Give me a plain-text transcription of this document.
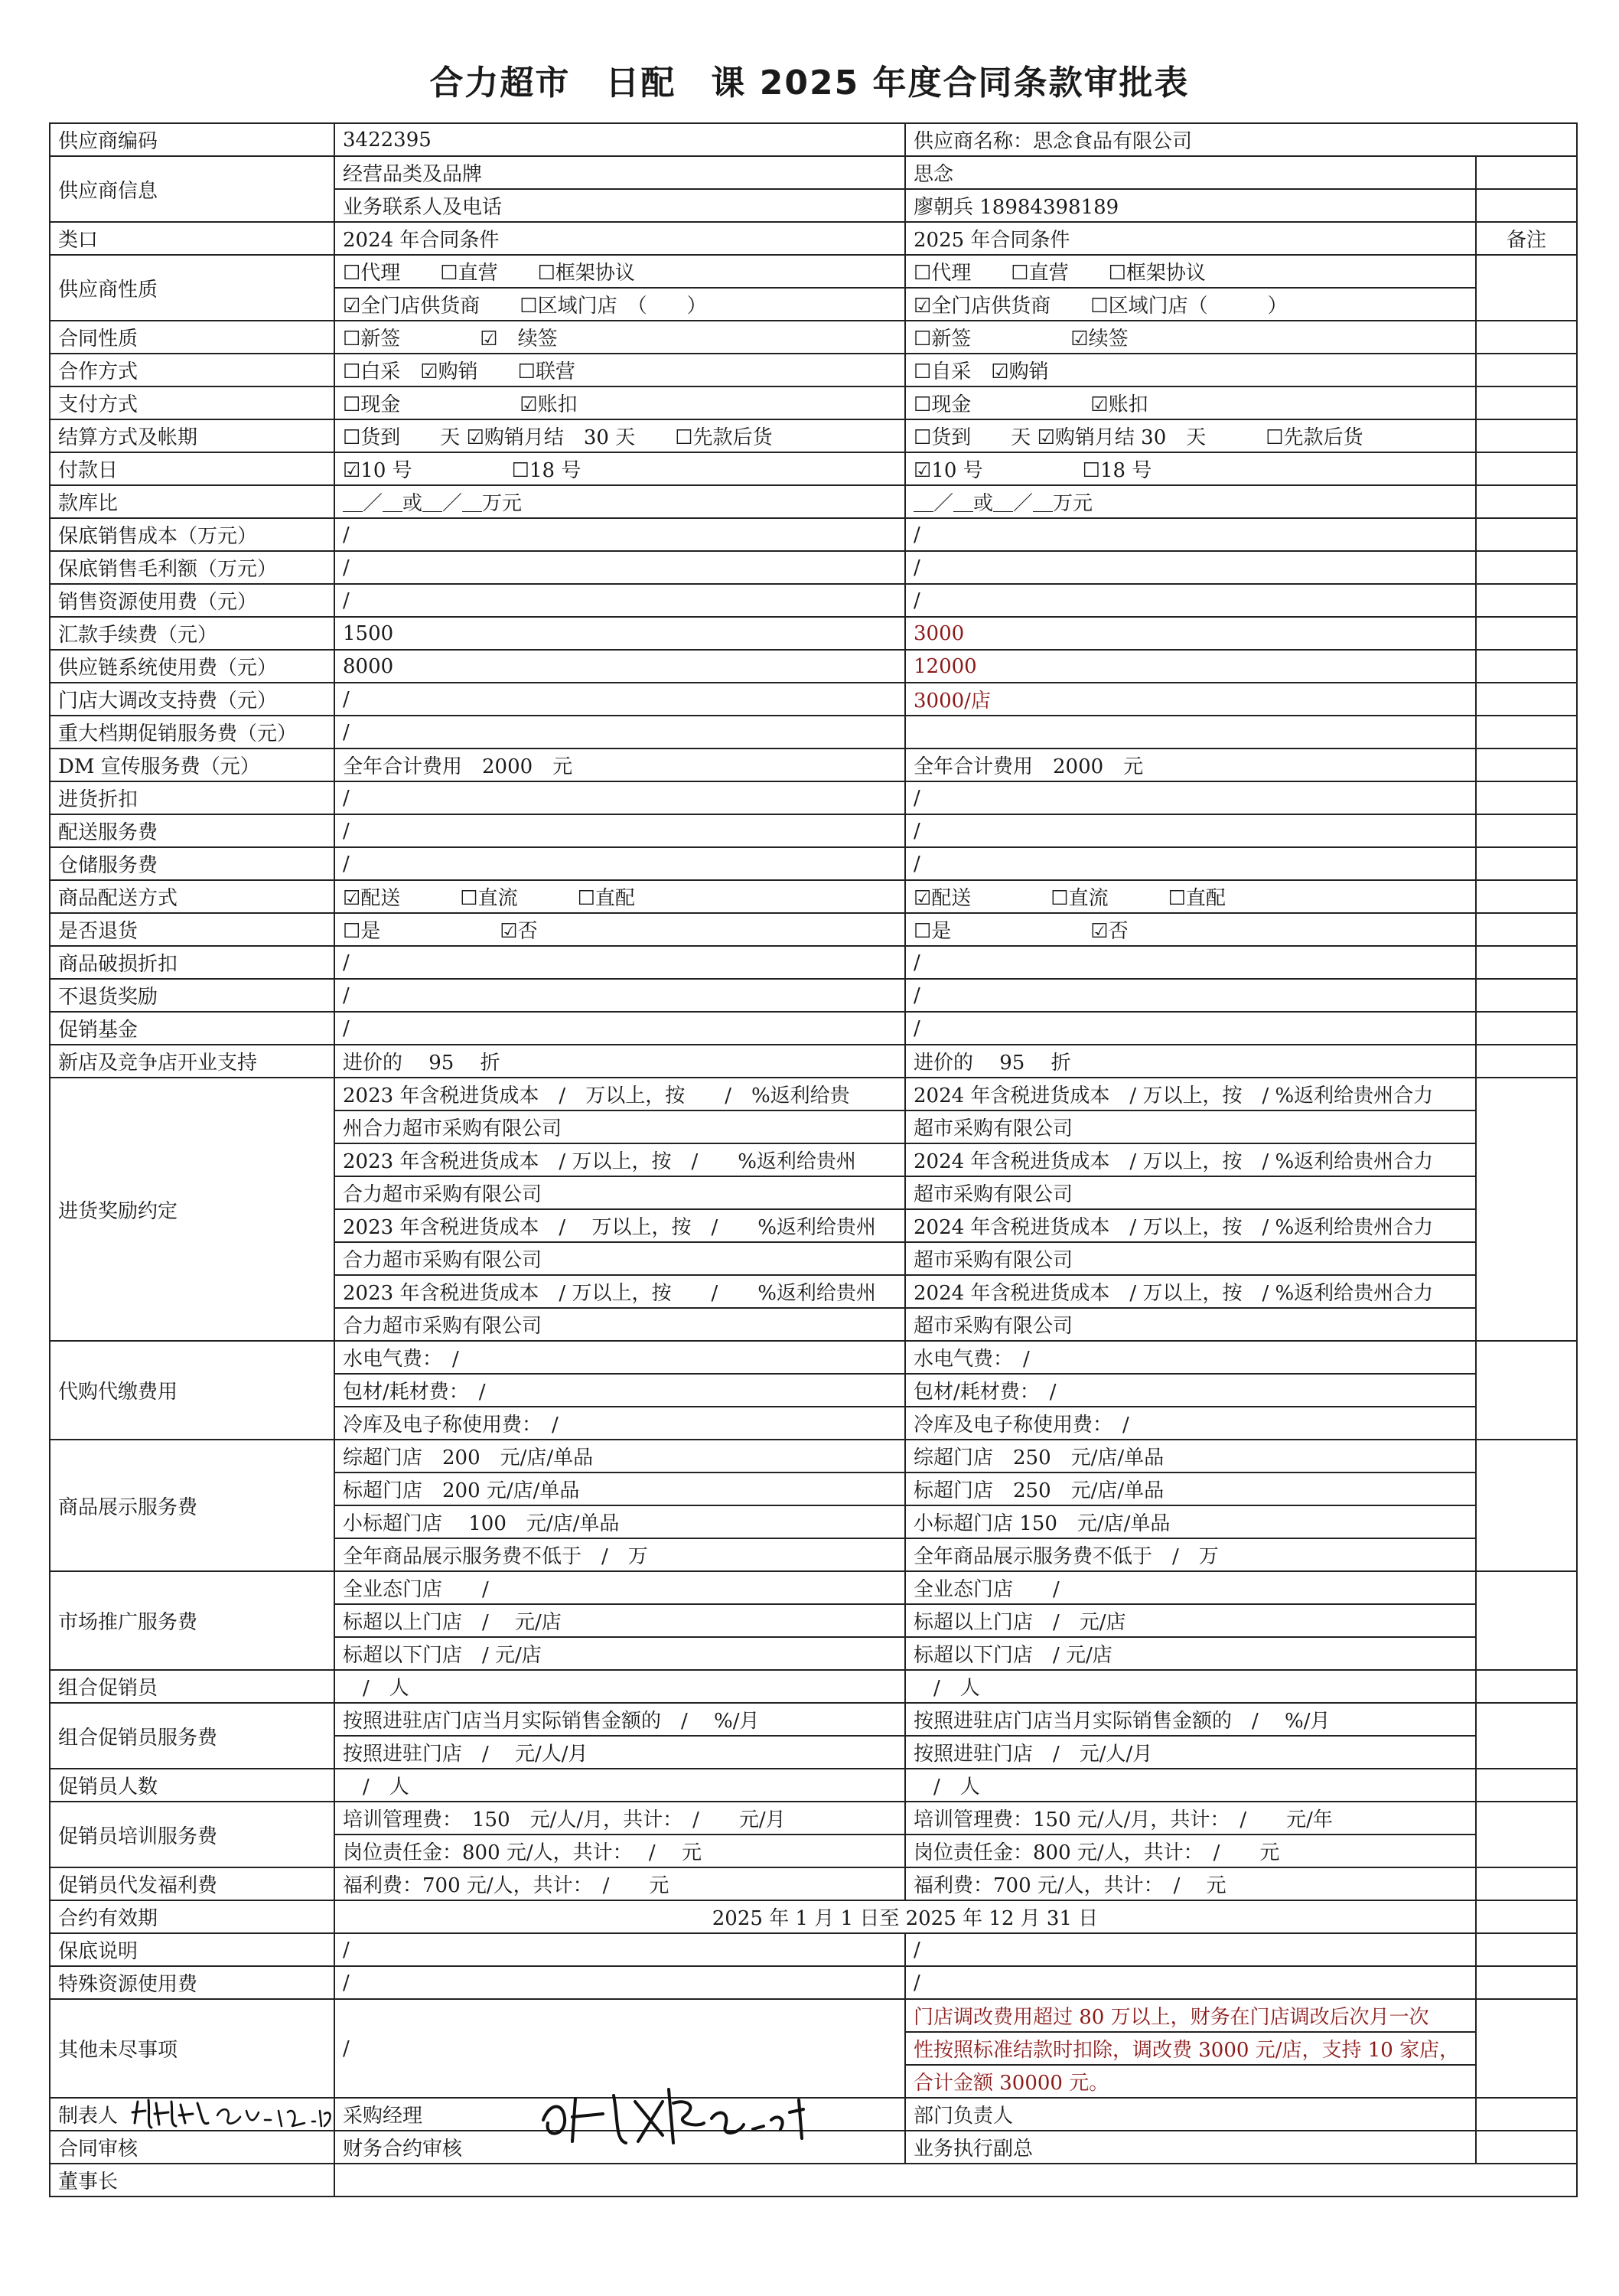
合力超市　日配　课 2025 年度合同条款审批表
供应商编码	3422395	供应商名称：思念食品有限公司	
供应商信息	经营品类及品牌	思念	
	业务联系人及电话	廖朝兵 18984398189	
类口	2024 年合同条件	2025 年合同条件	备注
供应商性质	☐代理　　☐直营　　☐框架协议	☐代理　　☐直营　　☐框架协议	
	☑全门店供货商　　☐区域门店　（　　）	☑全门店供货商　　☐区域门店（　　　）	
合同性质	☐新签　　　　☑　续签	☐新签　　　　　☑续签	
合作方式	☐白采　☑购销　　☐联营	☐自采　☑购销	
支付方式	☐现金　　　　　　☑账扣	☐现金　　　　　　☑账扣	
结算方式及帐期	☐货到　　天 ☑购销月结　30 天　　☐先款后货	☐货到　　天 ☑购销月结 30　天　　　☐先款后货	
付款日	☑10 号　　　　　☐18 号	☑10 号　　　　　☐18 号	
款库比	＿／＿或＿／＿万元	＿／＿或＿／＿万元	
保底销售成本（万元）	/	/	
保底销售毛利额（万元）	/	/	
销售资源使用费（元）	/	/	
汇款手续费（元）	1500	3000	
供应链系统使用费（元）	8000	12000	
门店大调改支持费（元）	/	3000/店	
重大档期促销服务费（元）	/		
DM 宣传服务费（元）	全年合计费用　2000　元	全年合计费用　2000　元	
进货折扣	/	/	
配送服务费	/	/	
仓储服务费	/	/	
商品配送方式	☑配送　　　☐直流　　　☐直配	☑配送　　　　☐直流　　　☐直配	
是否退货	☐是　　　　　　☑否	☐是　　　　　　　☑否	
商品破损折扣	/	/	
不退货奖励	/	/	
促销基金	/	/	
新店及竞争店开业支持	进价的　 95　 折	进价的　 95　 折	
进货奖励约定	2023 年含税进货成本　/　万以上，按　　/　%返利给贵	2024 年含税进货成本　/ 万以上，按　/ %返利给贵州合力	
	州合力超市采购有限公司	超市采购有限公司	
	2023 年含税进货成本　/ 万以上，按　/　　%返利给贵州	2024 年含税进货成本　/ 万以上，按　/ %返利给贵州合力	
	合力超市采购有限公司	超市采购有限公司	
	2023 年含税进货成本　/　 万以上，按　/　　%返利给贵州	2024 年含税进货成本　/ 万以上，按　/ %返利给贵州合力	
	合力超市采购有限公司	超市采购有限公司	
	2023 年含税进货成本　/ 万以上，按　　/　　%返利给贵州	2024 年含税进货成本　/ 万以上，按　/ %返利给贵州合力	
	合力超市采购有限公司	超市采购有限公司	
代购代缴费用	水电气费：　/	水电气费：　/	
	包材/耗材费：　/	包材/耗材费：　/	
	冷库及电子称使用费：　/	冷库及电子称使用费：　/	
商品展示服务费	综超门店　200　元/店/单品	综超门店　250　元/店/单品	
	标超门店　200 元/店/单品	标超门店　250　元/店/单品	
	小标超门店　 100　元/店/单品	小标超门店 150　元/店/单品	
	全年商品展示服务费不低于　/　万	全年商品展示服务费不低于　/　万	
市场推广服务费	全业态门店　　/	全业态门店　　/	
	标超以上门店　/　 元/店	标超以上门店　/　元/店	
	标超以下门店　/ 元/店	标超以下门店　/ 元/店	
组合促销员	　/　人	　/　人	
组合促销员服务费	按照进驻店门店当月实际销售金额的　/　 %/月	按照进驻店门店当月实际销售金额的　/　 %/月	
	按照进驻门店　/　 元/人/月	按照进驻门店　/　元/人/月	
促销员人数	　/　人	　/　人	
促销员培训服务费	培训管理费：　150　元/人/月，共计：　/　　元/月	培训管理费：150 元/人/月，共计：　/　　元/年	
	岗位责任金：800 元/人，共计：　 /　 元	岗位责任金：800 元/人，共计：　/　　元	
促销员代发福利费	福利费：700 元/人，共计：　/　　元	福利费：700 元/人，共计：　/　 元	
合约有效期	2025 年 1 月 1 日至 2025 年 12 月 31 日		
保底说明	/	/	
特殊资源使用费	/	/	
其他未尽事项	/	门店调改费用超过 80 万以上，财务在门店调改后次月一次	
		性按照标准结款时扣除，调改费 3000 元/店，支持 10 家店，	
		合计金额 30000 元。	
制表人	采购经理	部门负责人	
合同审核	财务合约审核	业务执行副总	
董事长			
